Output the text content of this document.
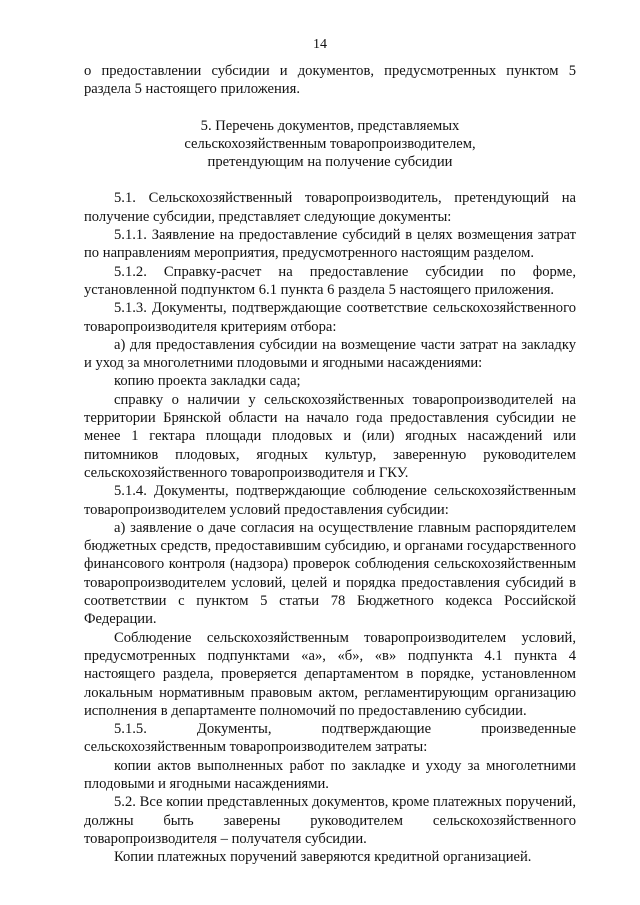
14

о предоставлении субсидии и документов, предусмотренных пунктом 5 раздела 5 настоящего приложения.

5. Перечень документов, представляемых
сельскохозяйственным товаропроизводителем,
претендующим на получение субсидии

5.1. Сельскохозяйственный товаропроизводитель, претендующий на получение субсидии, представляет следующие документы:

5.1.1. Заявление на предоставление субсидий в целях возмещения затрат по направлениям мероприятия, предусмотренного настоящим разделом.

5.1.2. Справку-расчет на предоставление субсидии по форме, установленной подпунктом 6.1 пункта 6 раздела 5 настоящего приложения.

5.1.3. Документы, подтверждающие соответствие сельскохозяйственного товаропроизводителя критериям отбора:

а) для предоставления субсидии на возмещение части затрат на закладку и уход за многолетними плодовыми и ягодными насаждениями:

копию проекта закладки сада;

справку о наличии у сельскохозяйственных товаропроизводителей на территории Брянской области на начало года предоставления субсидии не менее 1 гектара площади плодовых и (или) ягодных насаждений или питомников плодовых, ягодных культур, заверенную руководителем сельскохозяйственного товаропроизводителя и ГКУ.

5.1.4. Документы, подтверждающие соблюдение сельскохозяйственным товаропроизводителем условий предоставления субсидии:

а) заявление о даче согласия на осуществление главным распорядителем бюджетных средств, предоставившим субсидию, и органами государственного финансового контроля (надзора) проверок соблюдения сельскохозяйственным товаропроизводителем условий, целей и порядка предоставления субсидий в соответствии с пунктом 5 статьи 78 Бюджетного кодекса Российской Федерации.

Соблюдение сельскохозяйственным товаропроизводителем условий, предусмотренных подпунктами «а», «б», «в» подпункта 4.1 пункта 4 настоящего раздела, проверяется департаментом в порядке, установленном локальным нормативным правовым актом, регламентирующим организацию исполнения в департаменте полномочий по предоставлению субсидии.

5.1.5. Документы, подтверждающие произведенные сельскохозяйственным товаропроизводителем затраты:

копии актов выполненных работ по закладке и уходу за многолетними плодовыми и ягодными насаждениями.

5.2. Все копии представленных документов, кроме платежных поручений, должны быть заверены руководителем сельскохозяйственного товаропроизводителя – получателя субсидии.

Копии платежных поручений заверяются кредитной организацией.
